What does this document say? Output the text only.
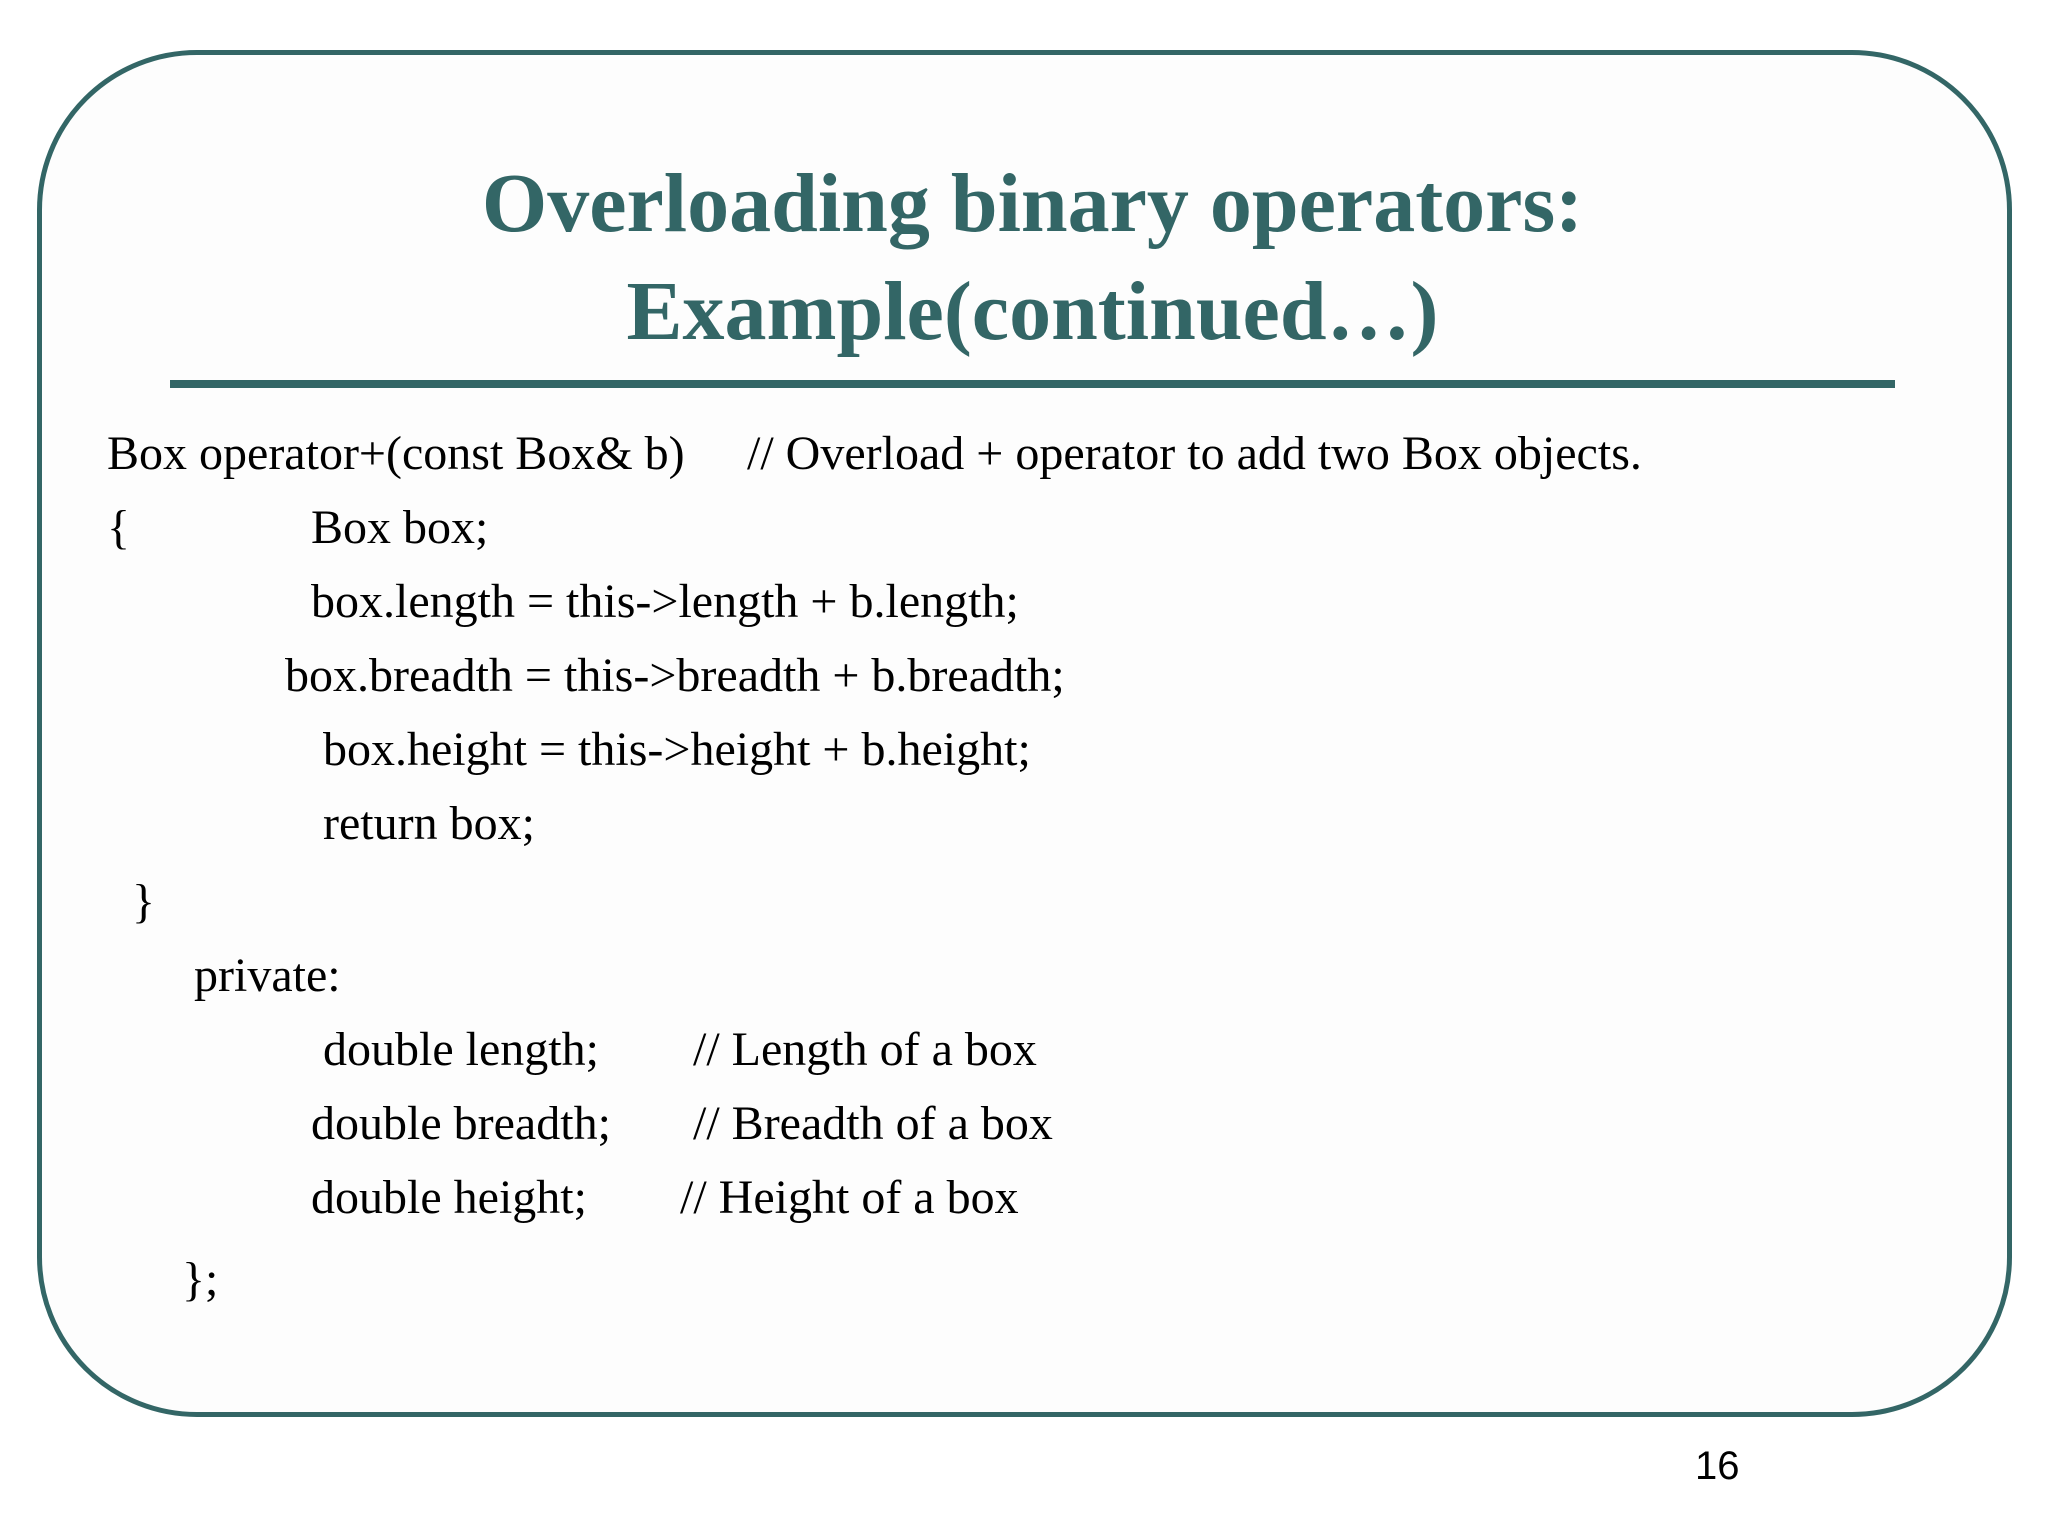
Overloading binary operators:
Example(continued…)
Box operator+(const Box& b) // Overload + operator to add two Box objects.
{	Box box;
box.length = this->length + b.length;
box.breadth = this->breadth + b.breadth;
box.height = this->height + b.height;
return box;
}
private:
double length; // Length of a box
double breadth; // Breadth of a box
double height; // Height of a box
};
16
